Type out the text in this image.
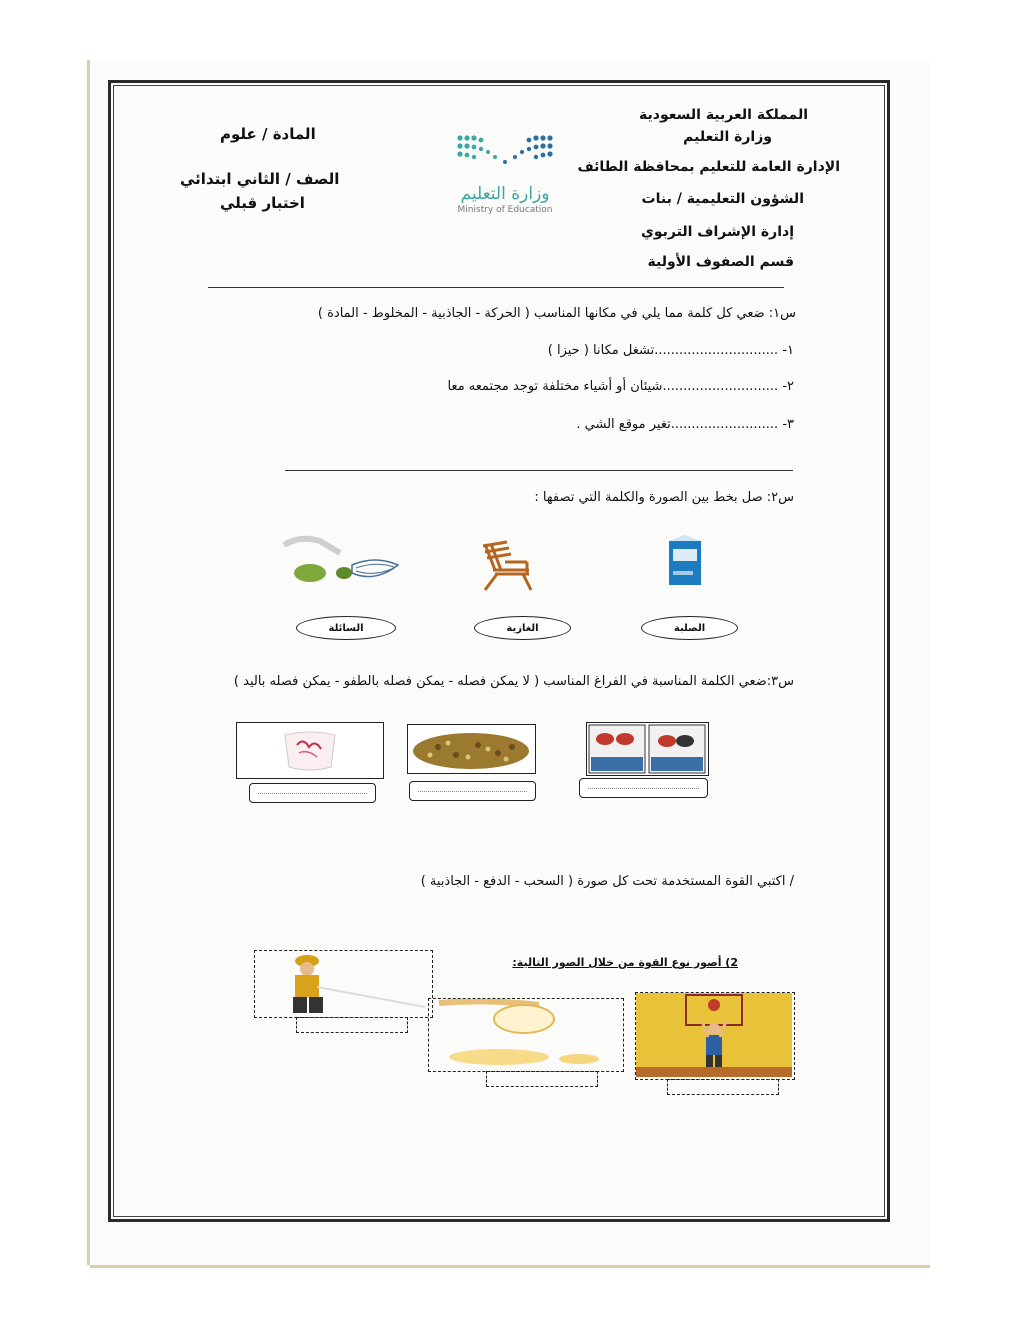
المملكة العربية السعودية
وزارة التعليم
الإدارة العامة للتعليم بمحافظة الطائف
الشؤون التعليمية / بنات
إدارة الإشراف التربوي
قسم الصفوف الأولية
وزارة التعليم
Ministry of Education
المادة / علوم
الصف / الثاني ابتدائي
اختبار قبلي
س١: ضعي كل كلمة مما يلي في مكانها المناسب ( الحركة - الجاذبية - المخلوط - المادة )
١- ..............................تشغل مكانا ( حيزا )
٢- ............................شيئان أو أشياء مختلفة توجد مجتمعه معا
٣- ..........................تغير موقع الشي .
س٢: صل بخط بين الصورة والكلمة التي تصفها :
الصلبة
الغازية
السائلة
س٣:ضعي الكلمة المناسبة في الفراغ المناسب ( لا يمكن فصله - يمكن فصله بالطفو - يمكن فصله باليد )
/ اكتبي القوة المستخدمة تحت كل صورة ( السحب - الدفع - الجاذبية )
2) أصور نوع القوة من خلال الصور التالية:
